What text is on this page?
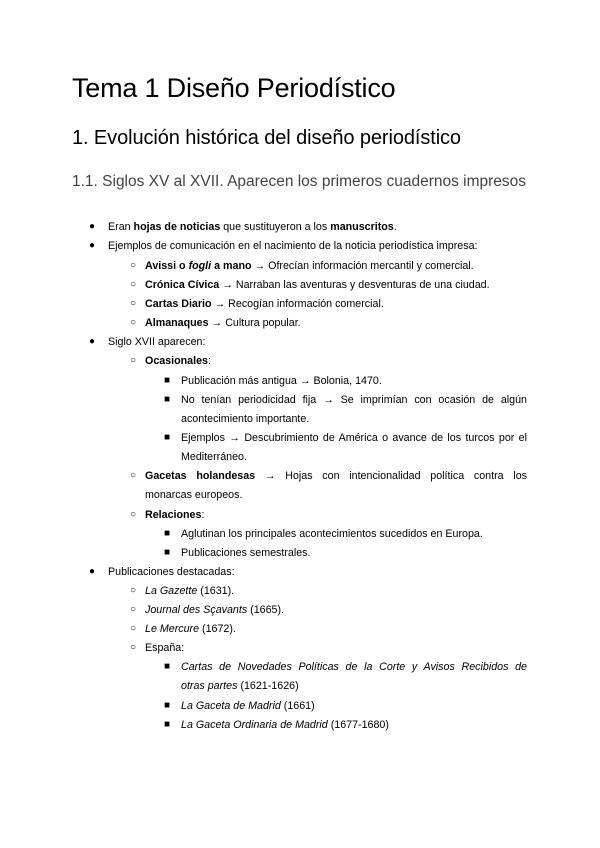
Tema 1 Diseño Periodístico
1. Evolución histórica del diseño periodístico
1.1. Siglos XV al XVII. Aparecen los primeros cuadernos impresos
● Eran hojas de noticias que sustituyeron a los manuscritos.
● Ejemplos de comunicación en el nacimiento de la noticia periodística impresa:
○ Avissi o fogli a mano → Ofrecían información mercantil y comercial.
○ Crónica Cívica → Narraban las aventuras y desventuras de una ciudad.
○ Cartas Diario → Recogían información comercial.
○ Almanaques → Cultura popular.
● Siglo XVII aparecen:
○ Ocasionales:
■ Publicación más antigua → Bolonia, 1470.
■ No tenían periodicidad fija → Se imprimían con ocasión de algún
acontecimiento importante.
■ Ejemplos → Descubrimiento de América o avance de los turcos por el
Mediterráneo.
○ Gacetas holandesas → Hojas con intencionalidad política contra los
monarcas europeos.
○ Relaciones:
■ Aglutinan los principales acontecimientos sucedidos en Europa.
■ Publicaciones semestrales.
● Publicaciones destacadas:
○ La Gazette (1631).
○ Journal des Sçavants (1665).
○ Le Mercure (1672).
○ España:
■ Cartas de Novedades Políticas de la Corte y Avisos Recibidos de
otras partes (1621-1626)
■ La Gaceta de Madrid (1661)
■ La Gaceta Ordinaria de Madrid (1677-1680)
